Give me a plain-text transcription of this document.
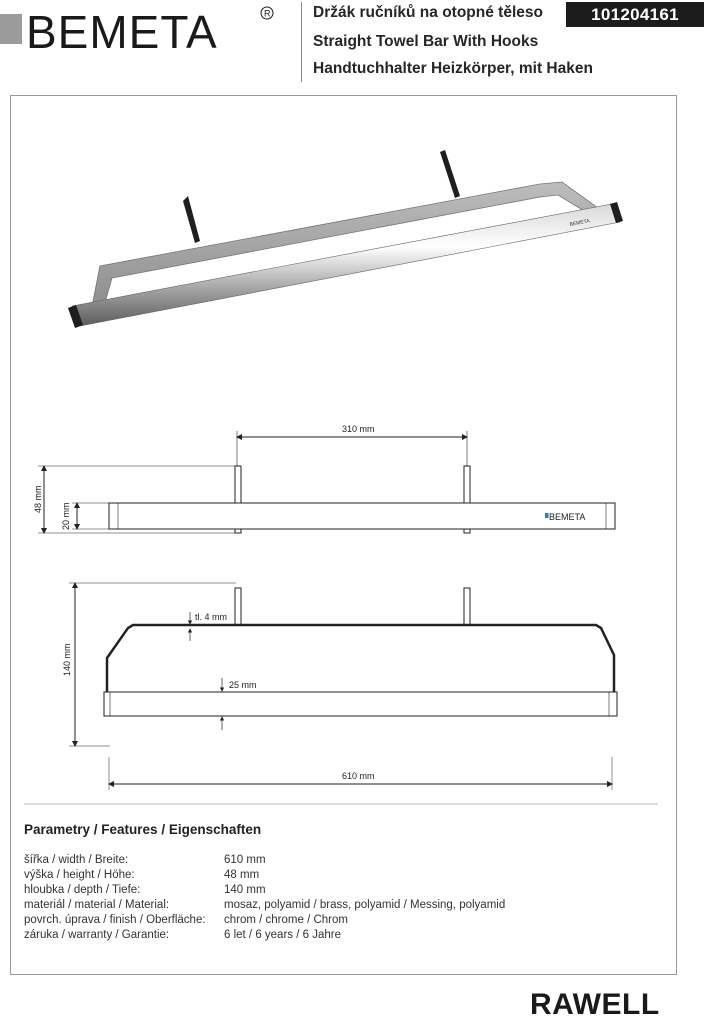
BEMETA	R	Držák ručníků na otopné těleso
Straight Towel Bar With Hooks
Handtuchhalter Heizkörper, mit Haken
101204161
BEMETA
BEMETA
310 mm
48 mm
20 mm
tl. 4 mm
25 mm
140 mm
610 mm
Parametry / Features / Eigenschaften
šířka / width / Breite:	610 mm
výška / height / Höhe:	48 mm
hloubka / depth / Tiefe:	140 mm
materiál / material / Material:	mosaz, polyamid / brass, polyamid / Messing, polyamid
povrch. úprava / finish / Oberfläche:	chrom / chrome / Chrom
záruka / warranty / Garantie:	6 let / 6 years / 6 Jahre
RAWELL
